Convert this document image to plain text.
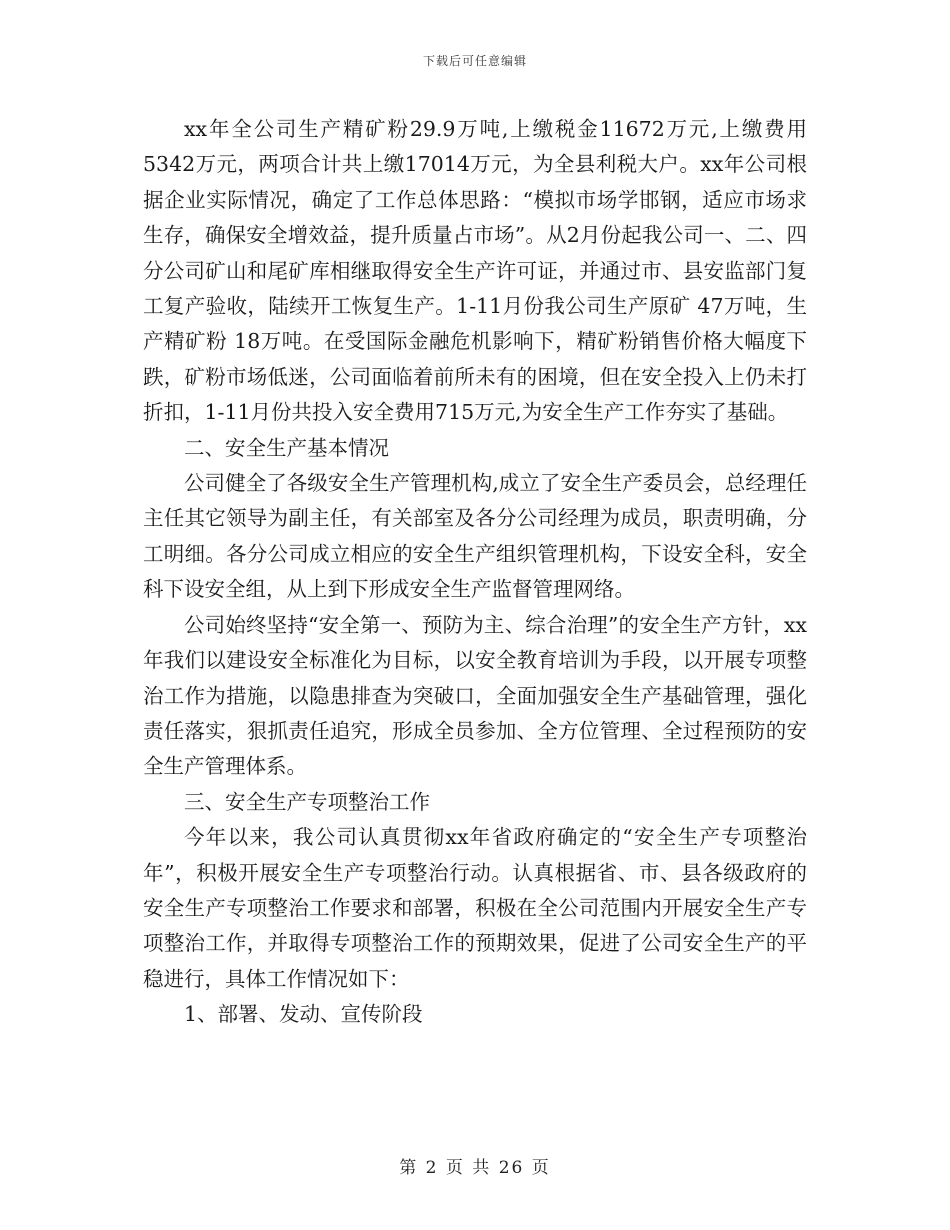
下载后可任意编辑

xx年全公司生产精矿粉29.9万吨,上缴税金11672万元,上缴费用5342万元，两项合计共上缴17014万元，为全县利税大户。xx年公司根据企业实际情况，确定了工作总体思路：“模拟市场学邯钢，适应市场求生存，确保安全增效益，提升质量占市场”。从2月份起我公司一、二、四分公司矿山和尾矿库相继取得安全生产许可证，并通过市、县安监部门复工复产验收，陆续开工恢复生产。1-11月份我公司生产原矿 47万吨，生产精矿粉 18万吨。在受国际金融危机影响下，精矿粉销售价格大幅度下跌，矿粉市场低迷，公司面临着前所未有的困境，但在安全投入上仍未打折扣，1-11月份共投入安全费用715万元,为安全生产工作夯实了基础。

二、安全生产基本情况

公司健全了各级安全生产管理机构,成立了安全生产委员会，总经理任主任其它领导为副主任，有关部室及各分公司经理为成员，职责明确，分工明细。各分公司成立相应的安全生产组织管理机构，下设安全科，安全科下设安全组，从上到下形成安全生产监督管理网络。

公司始终坚持“安全第一、预防为主、综合治理”的安全生产方针，xx年我们以建设安全标准化为目标，以安全教育培训为手段，以开展专项整治工作为措施，以隐患排查为突破口，全面加强安全生产基础管理，强化责任落实，狠抓责任追究，形成全员参加、全方位管理、全过程预防的安全生产管理体系。

三、安全生产专项整治工作

今年以来，我公司认真贯彻xx年省政府确定的“安全生产专项整治年”，积极开展安全生产专项整治行动。认真根据省、市、县各级政府的安全生产专项整治工作要求和部署，积极在全公司范围内开展安全生产专项整治工作，并取得专项整治工作的预期效果，促进了公司安全生产的平稳进行，具体工作情况如下：

1、部署、发动、宣传阶段

第 2 页 共 26 页
